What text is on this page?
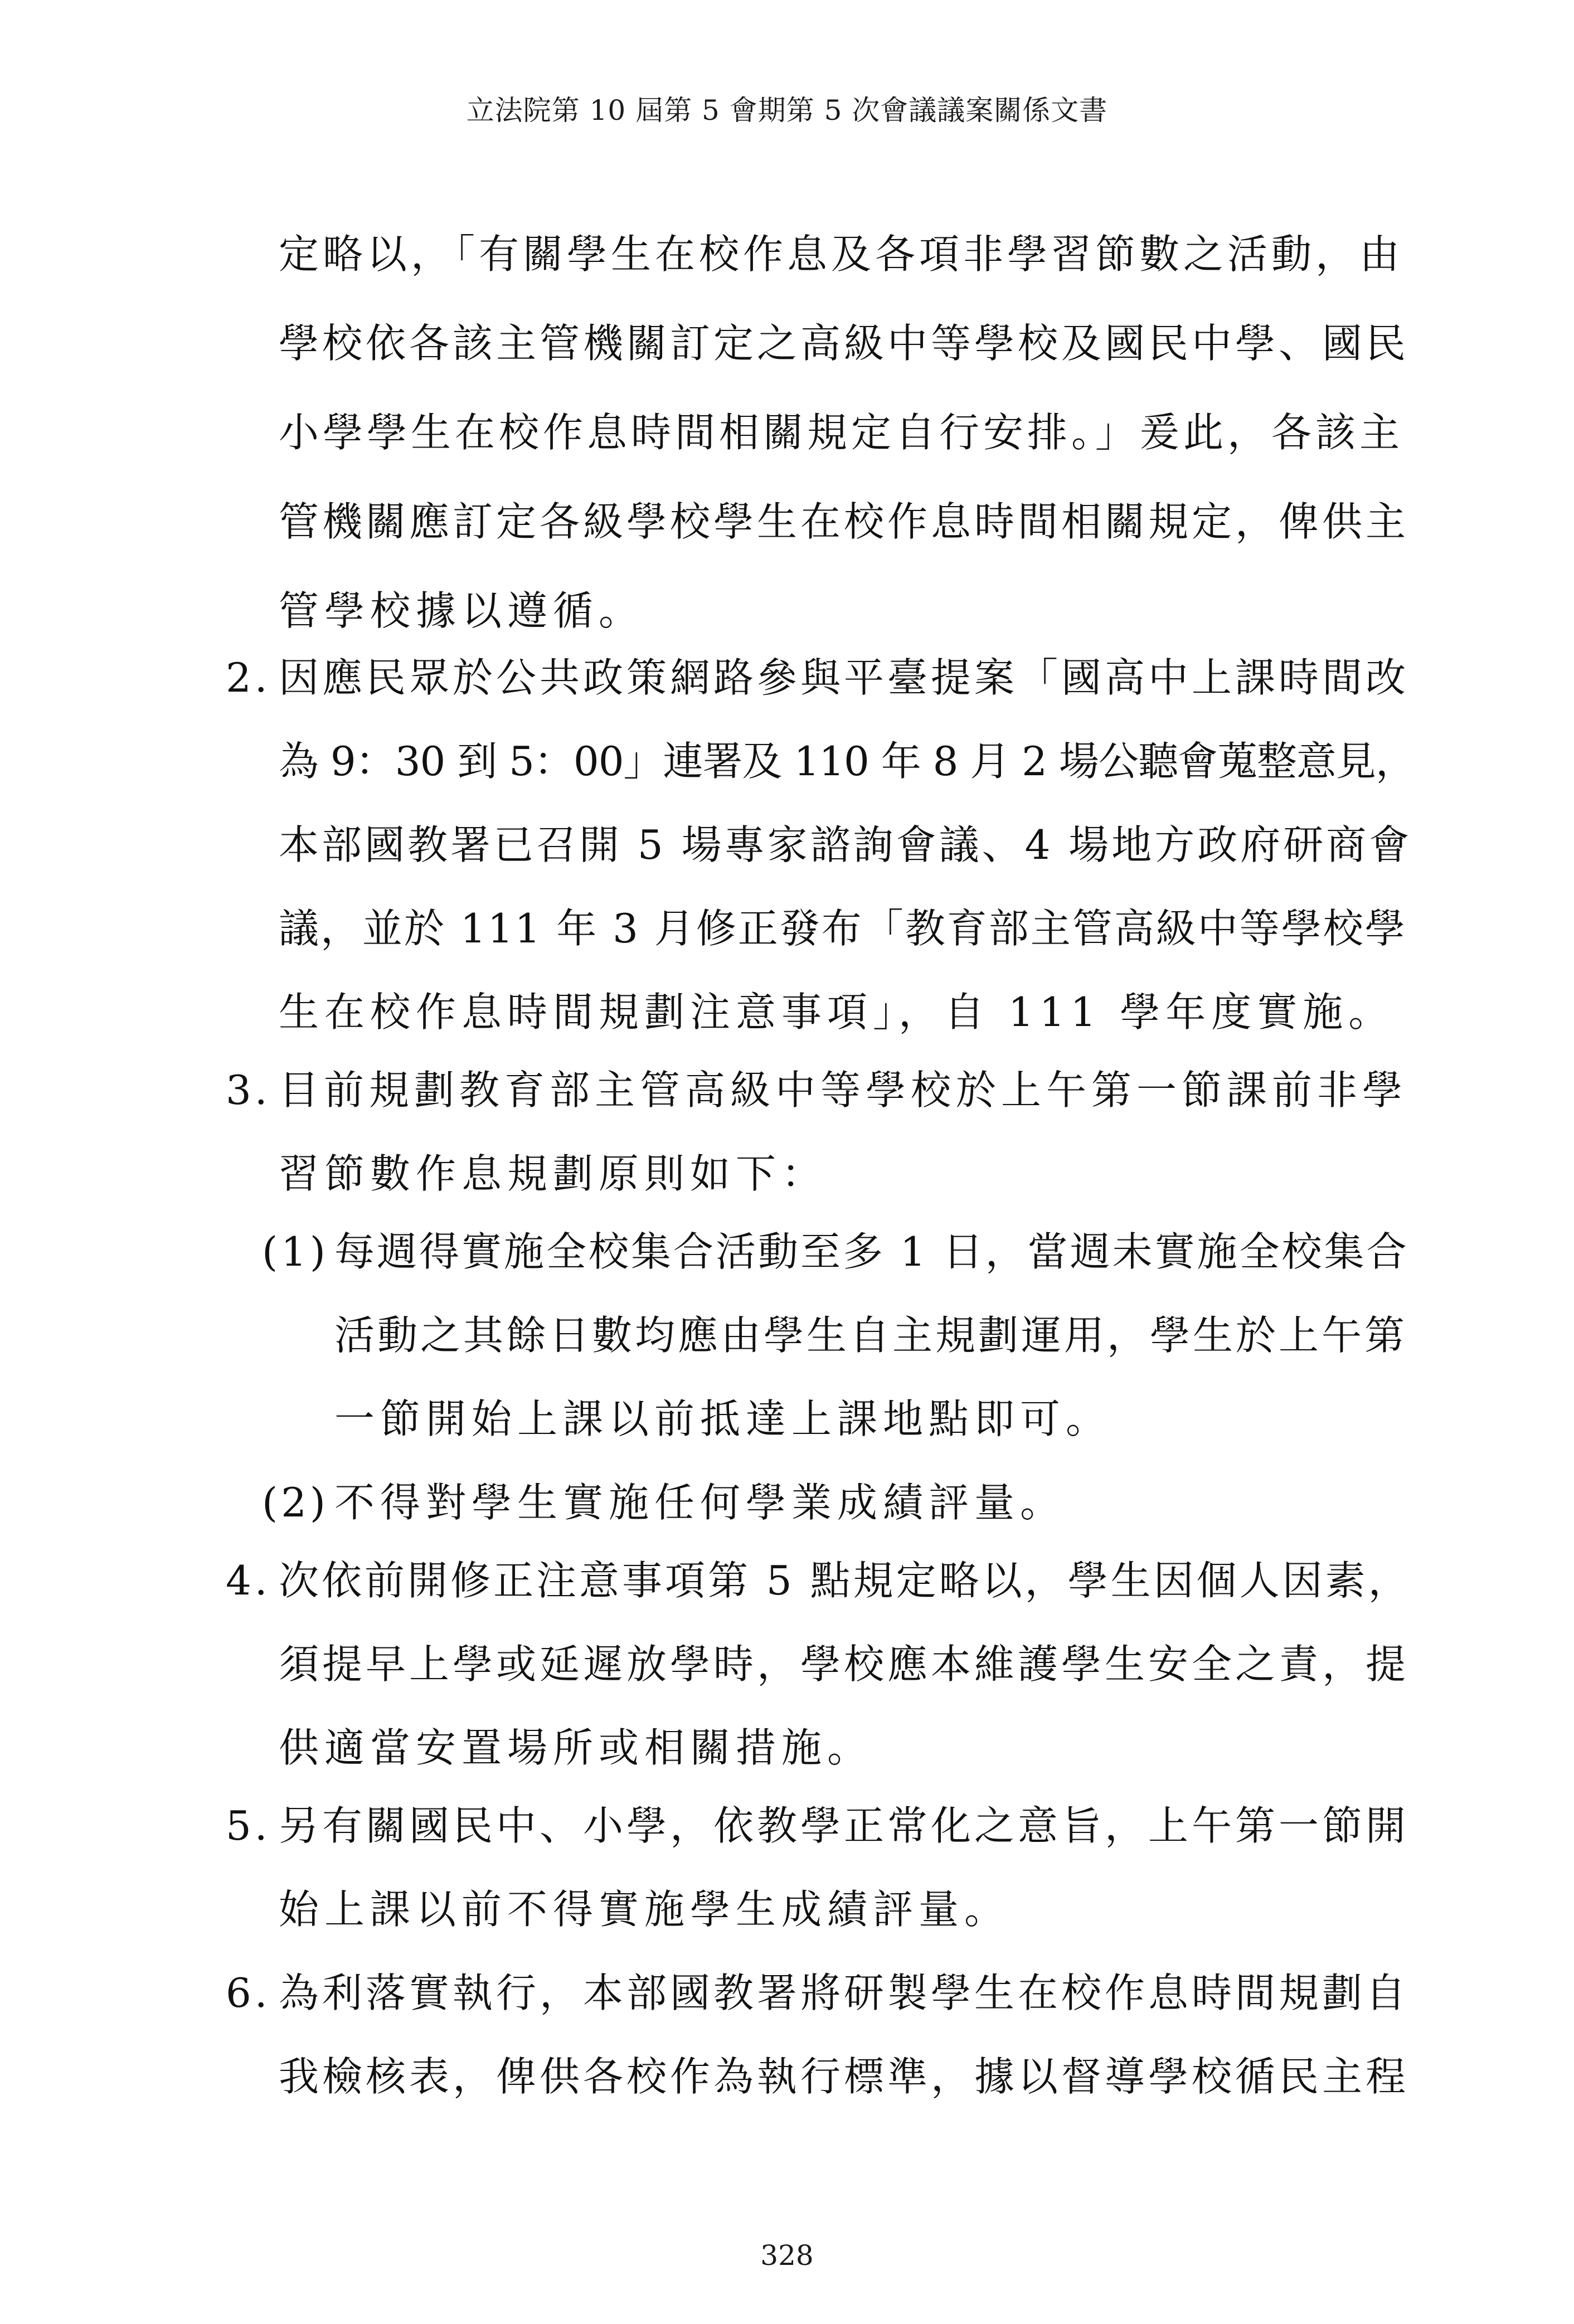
立法院第 10 屆第 5 會期第 5 次會議議案關係文書
定略以，「有關學生在校作息及各項非學習節數之活動，由
學校依各該主管機關訂定之高級中等學校及國民中學、國民
小學學生在校作息時間相關規定自行安排。」爰此，各該主
管機關應訂定各級學校學生在校作息時間相關規定，俾供主
管學校據以遵循。
2. 因應民眾於公共政策網路參與平臺提案「國高中上課時間改
為 9：30 到 5：00」連署及 110 年 8 月 2 場公聽會蒐整意見，
本部國教署已召開 5 場專家諮詢會議、4 場地方政府研商會
議，並於 111 年 3 月修正發布「教育部主管高級中等學校學
生在校作息時間規劃注意事項」，自 111 學年度實施。
3. 目前規劃教育部主管高級中等學校於上午第一節課前非學
習節數作息規劃原則如下：
(1) 每週得實施全校集合活動至多 1 日，當週未實施全校集合
活動之其餘日數均應由學生自主規劃運用，學生於上午第
一節開始上課以前抵達上課地點即可。
(2) 不得對學生實施任何學業成績評量。
4. 次依前開修正注意事項第 5 點規定略以，學生因個人因素，
須提早上學或延遲放學時，學校應本維護學生安全之責，提
供適當安置場所或相關措施。
5. 另有關國民中、小學，依教學正常化之意旨，上午第一節開
始上課以前不得實施學生成績評量。
6. 為利落實執行，本部國教署將研製學生在校作息時間規劃自
我檢核表，俾供各校作為執行標準，據以督導學校循民主程
328
